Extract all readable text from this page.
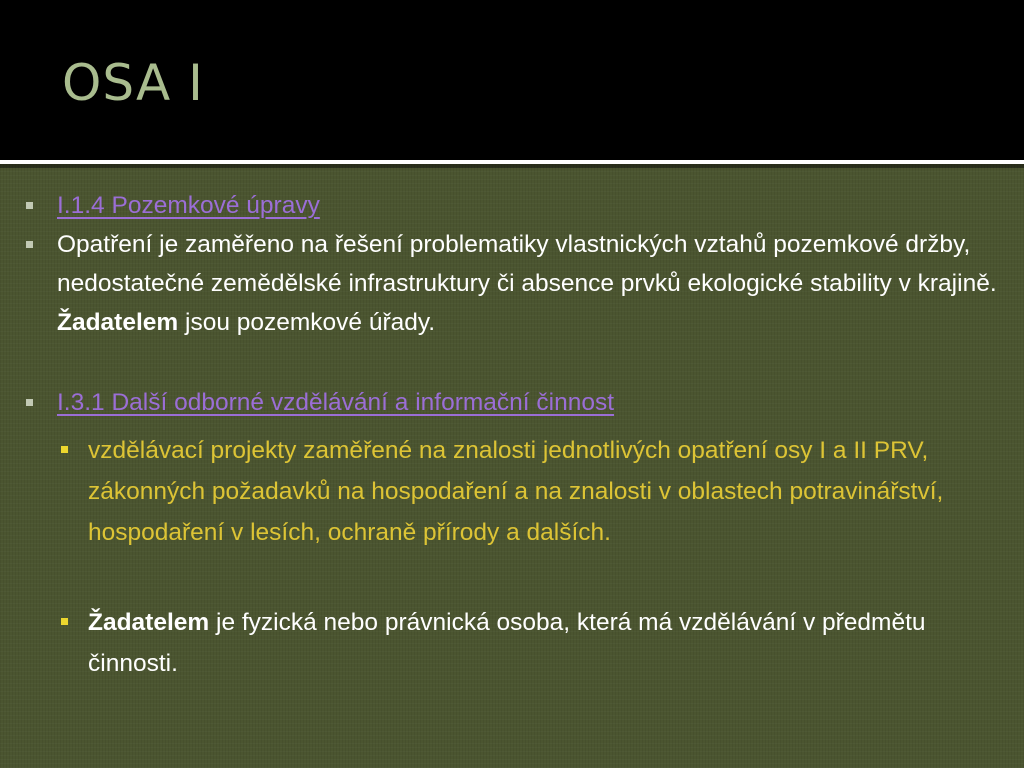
OSA I
I.1.4 Pozemkové úpravy
Opatření je zaměřeno na řešení problematiky vlastnických vztahů pozemkové držby, nedostatečné zemědělské infrastruktury či absence prvků ekologické stability v krajině. Žadatelem jsou pozemkové úřady.
I.3.1 Další odborné vzdělávání a informační činnost
vzdělávací projekty zaměřené na znalosti jednotlivých opatření osy I a II PRV, zákonných požadavků na hospodaření a na znalosti v oblastech potravinářství, hospodaření v lesích, ochraně přírody a dalších.
Žadatelem je fyzická nebo právnická osoba, která má vzdělávání v předmětu činnosti.
